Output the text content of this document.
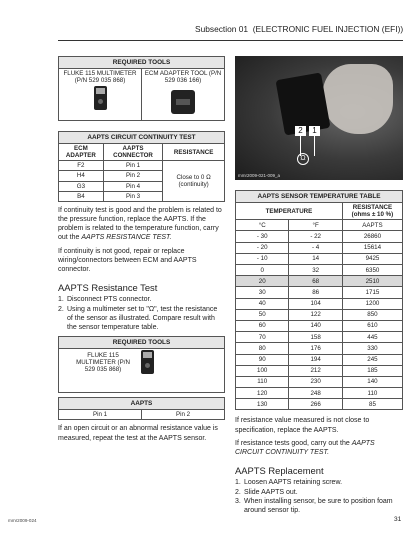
Subsection 01 (ELECTRONIC FUEL INJECTION (EFI))
REQUIRED TOOLS

FLUKE 115 MULTIMETER (P/N 529 035 868)

ECM ADAPTER TOOL (P/N 529 036 166)
AAPTS CIRCUIT CONTINUITY TEST		
ECM ADAPTER	AAPTS CONNECTOR	RESISTANCE
F2	Pin 1	Close to 0 Ω (continuity)
H4	Pin 2	
G3	Pin 4	
B4	Pin 3	

If continuity test is good and the problem is related to the pressure function, replace the AAPTS. If the problem is related to the temperature function, carry out the AAPTS RESISTANCE TEST.

If continuity is not good, repair or replace wiring/connectors between ECM and AAPTS connector.

AAPTS Resistance Test
1. Disconnect PTS connector.
2. Using a multimeter set to "Ω", test the resistance of the sensor as illustrated. Compare result with the sensor temperature table.
REQUIRED TOOLS

FLUKE 115 MULTIMETER (P/N 529 035 868)
AAPTS
Pin 1	Pin 2

If an open circuit or an abnormal resistance value is measured, repeat the test at the AAPTS sensor.

2	1
Ω
mmr2009-021-009_a
AAPTS SENSOR TEMPERATURE TABLE		
TEMPERATURE		RESISTANCE (ohms ± 10 %)
°C	°F	AAPTS
- 30	- 22	26860
- 20	- 4	15614
- 10	14	9425
0	32	6350
20	68	2510
30	86	1715
40	104	1200
50	122	850
60	140	610
70	158	445
80	176	330
90	194	245
100	212	185
110	230	140
120	248	110
130	266	85

If resistance value measured is not close to specification, replace the AAPTS.

If resistance tests good, carry out the AAPTS CIRCUIT CONTINUITY TEST.

AAPTS Replacement
1. Loosen AAPTS retaining screw.
2. Slide AAPTS out.
3. When installing sensor, be sure to position foam around sensor tip.
mmr2009-024	31
